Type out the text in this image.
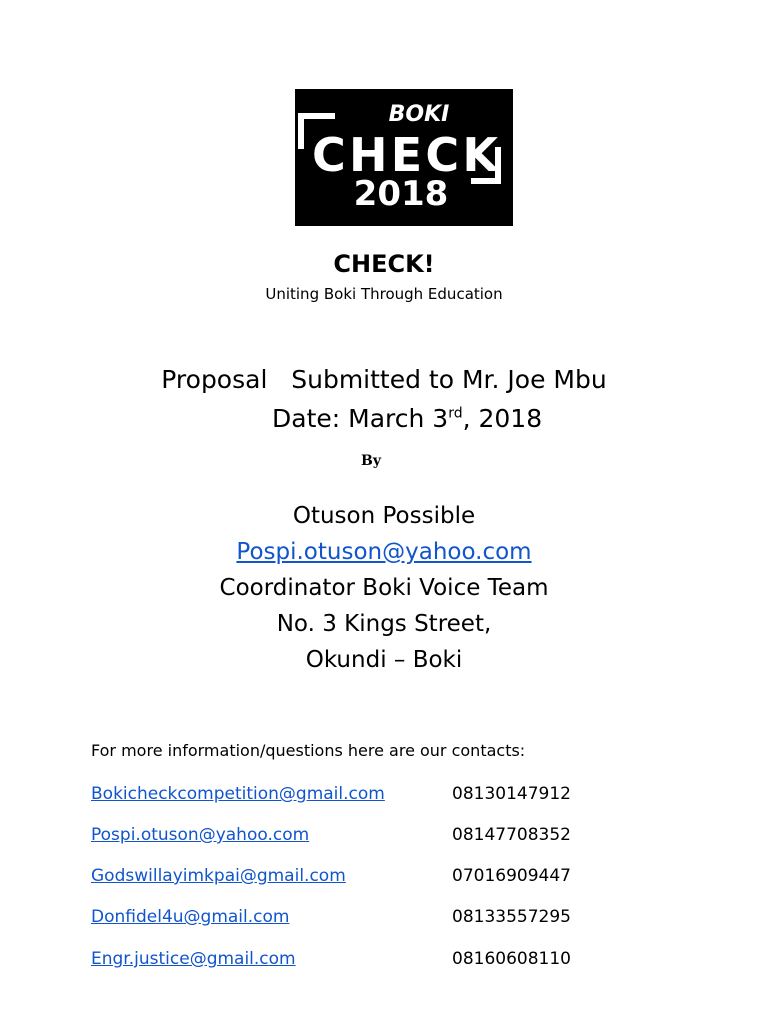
BOKI
CHECK
2018
CHECK!
Uniting Boki Through Education
Proposal   Submitted to Mr. Joe Mbu
Date: March 3rd, 2018
By
Otuson Possible
Pospi.otuson@yahoo.com
Coordinator Boki Voice Team
No. 3 Kings Street,
Okundi – Boki
For more information/questions here are our contacts:
Bokicheckcompetition@gmail.com	08130147912
Pospi.otuson@yahoo.com	08147708352
Godswillayimkpai@gmail.com	07016909447
Donfidel4u@gmail.com	08133557295
Engr.justice@gmail.com	08160608110
